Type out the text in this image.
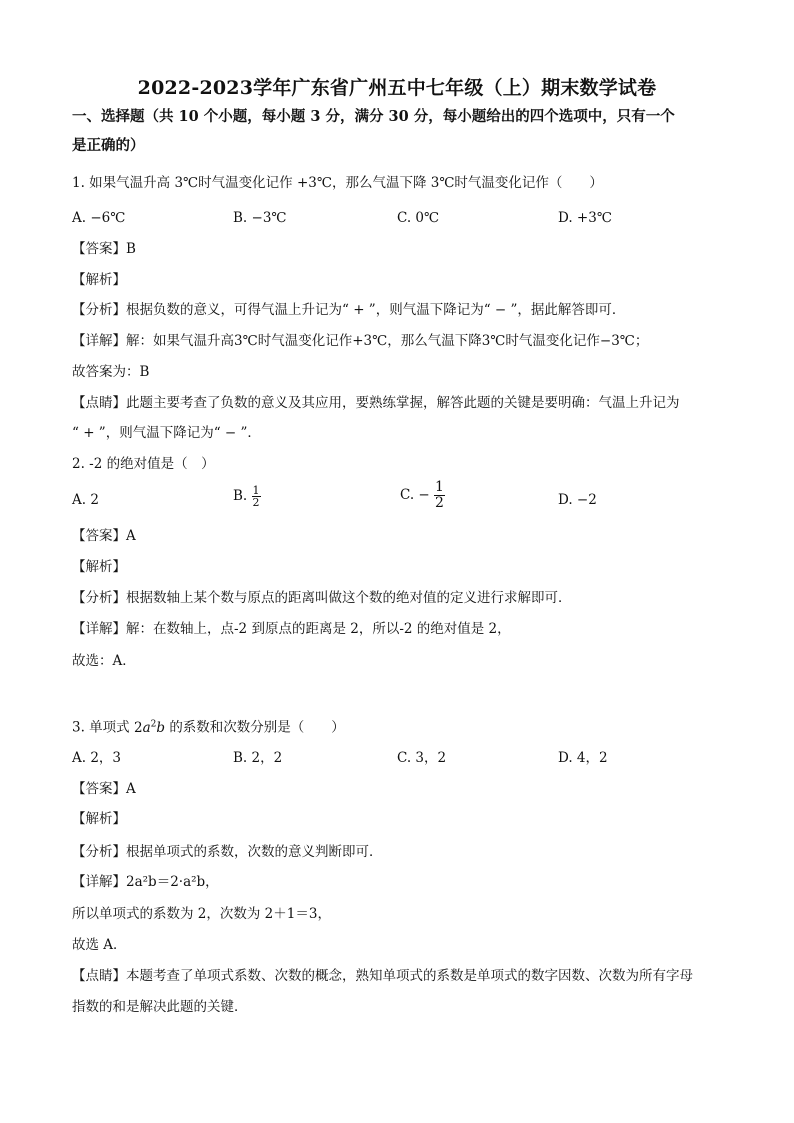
2022-2023学年广东省广州五中七年级（上）期末数学试卷
一、选择题（共 10 个小题，每小题 3 分，满分 30 分，每小题给出的四个选项中，只有一个
是正确的）
1. 如果气温升高 3℃时气温变化记作 +3℃，那么气温下降 3℃时气温变化记作（　　）
A. −6℃	B. −3℃	C. 0℃	D. +3℃
【答案】B
【解析】
【分析】根据负数的意义，可得气温上升记为“ + ”，则气温下降记为“ − ”，据此解答即可．
【详解】解：如果气温升高3℃时气温变化记作+3℃，那么气温下降3℃时气温变化记作−3℃；
故答案为：B
【点睛】此题主要考查了负数的意义及其应用，要熟练掌握，解答此题的关键是要明确：气温上升记为
“ + ”，则气温下降记为“ − ”．
2. -2 的绝对值是（　）
A. 2	B. $\frac{1}{2}$	C. − $\frac{1}{2}$	D. −2
【答案】A
【解析】
【分析】根据数轴上某个数与原点的距离叫做这个数的绝对值的定义进行求解即可．
【详解】解：在数轴上，点-2 到原点的距离是 2，所以-2 的绝对值是 2，
故选：A．
3. 单项式 $2a^2b$ 的系数和次数分别是（　　）
A. 2，3	B. 2，2	C. 3，2	D. 4，2
【答案】A
【解析】
【分析】根据单项式的系数，次数的意义判断即可．
【详解】2a²b＝2·a²b，
所以单项式的系数为 2，次数为 2＋1＝3，
故选 A．
【点睛】本题考查了单项式系数、次数的概念，熟知单项式的系数是单项式的数字因数、次数为所有字母
指数的和是解决此题的关键．
